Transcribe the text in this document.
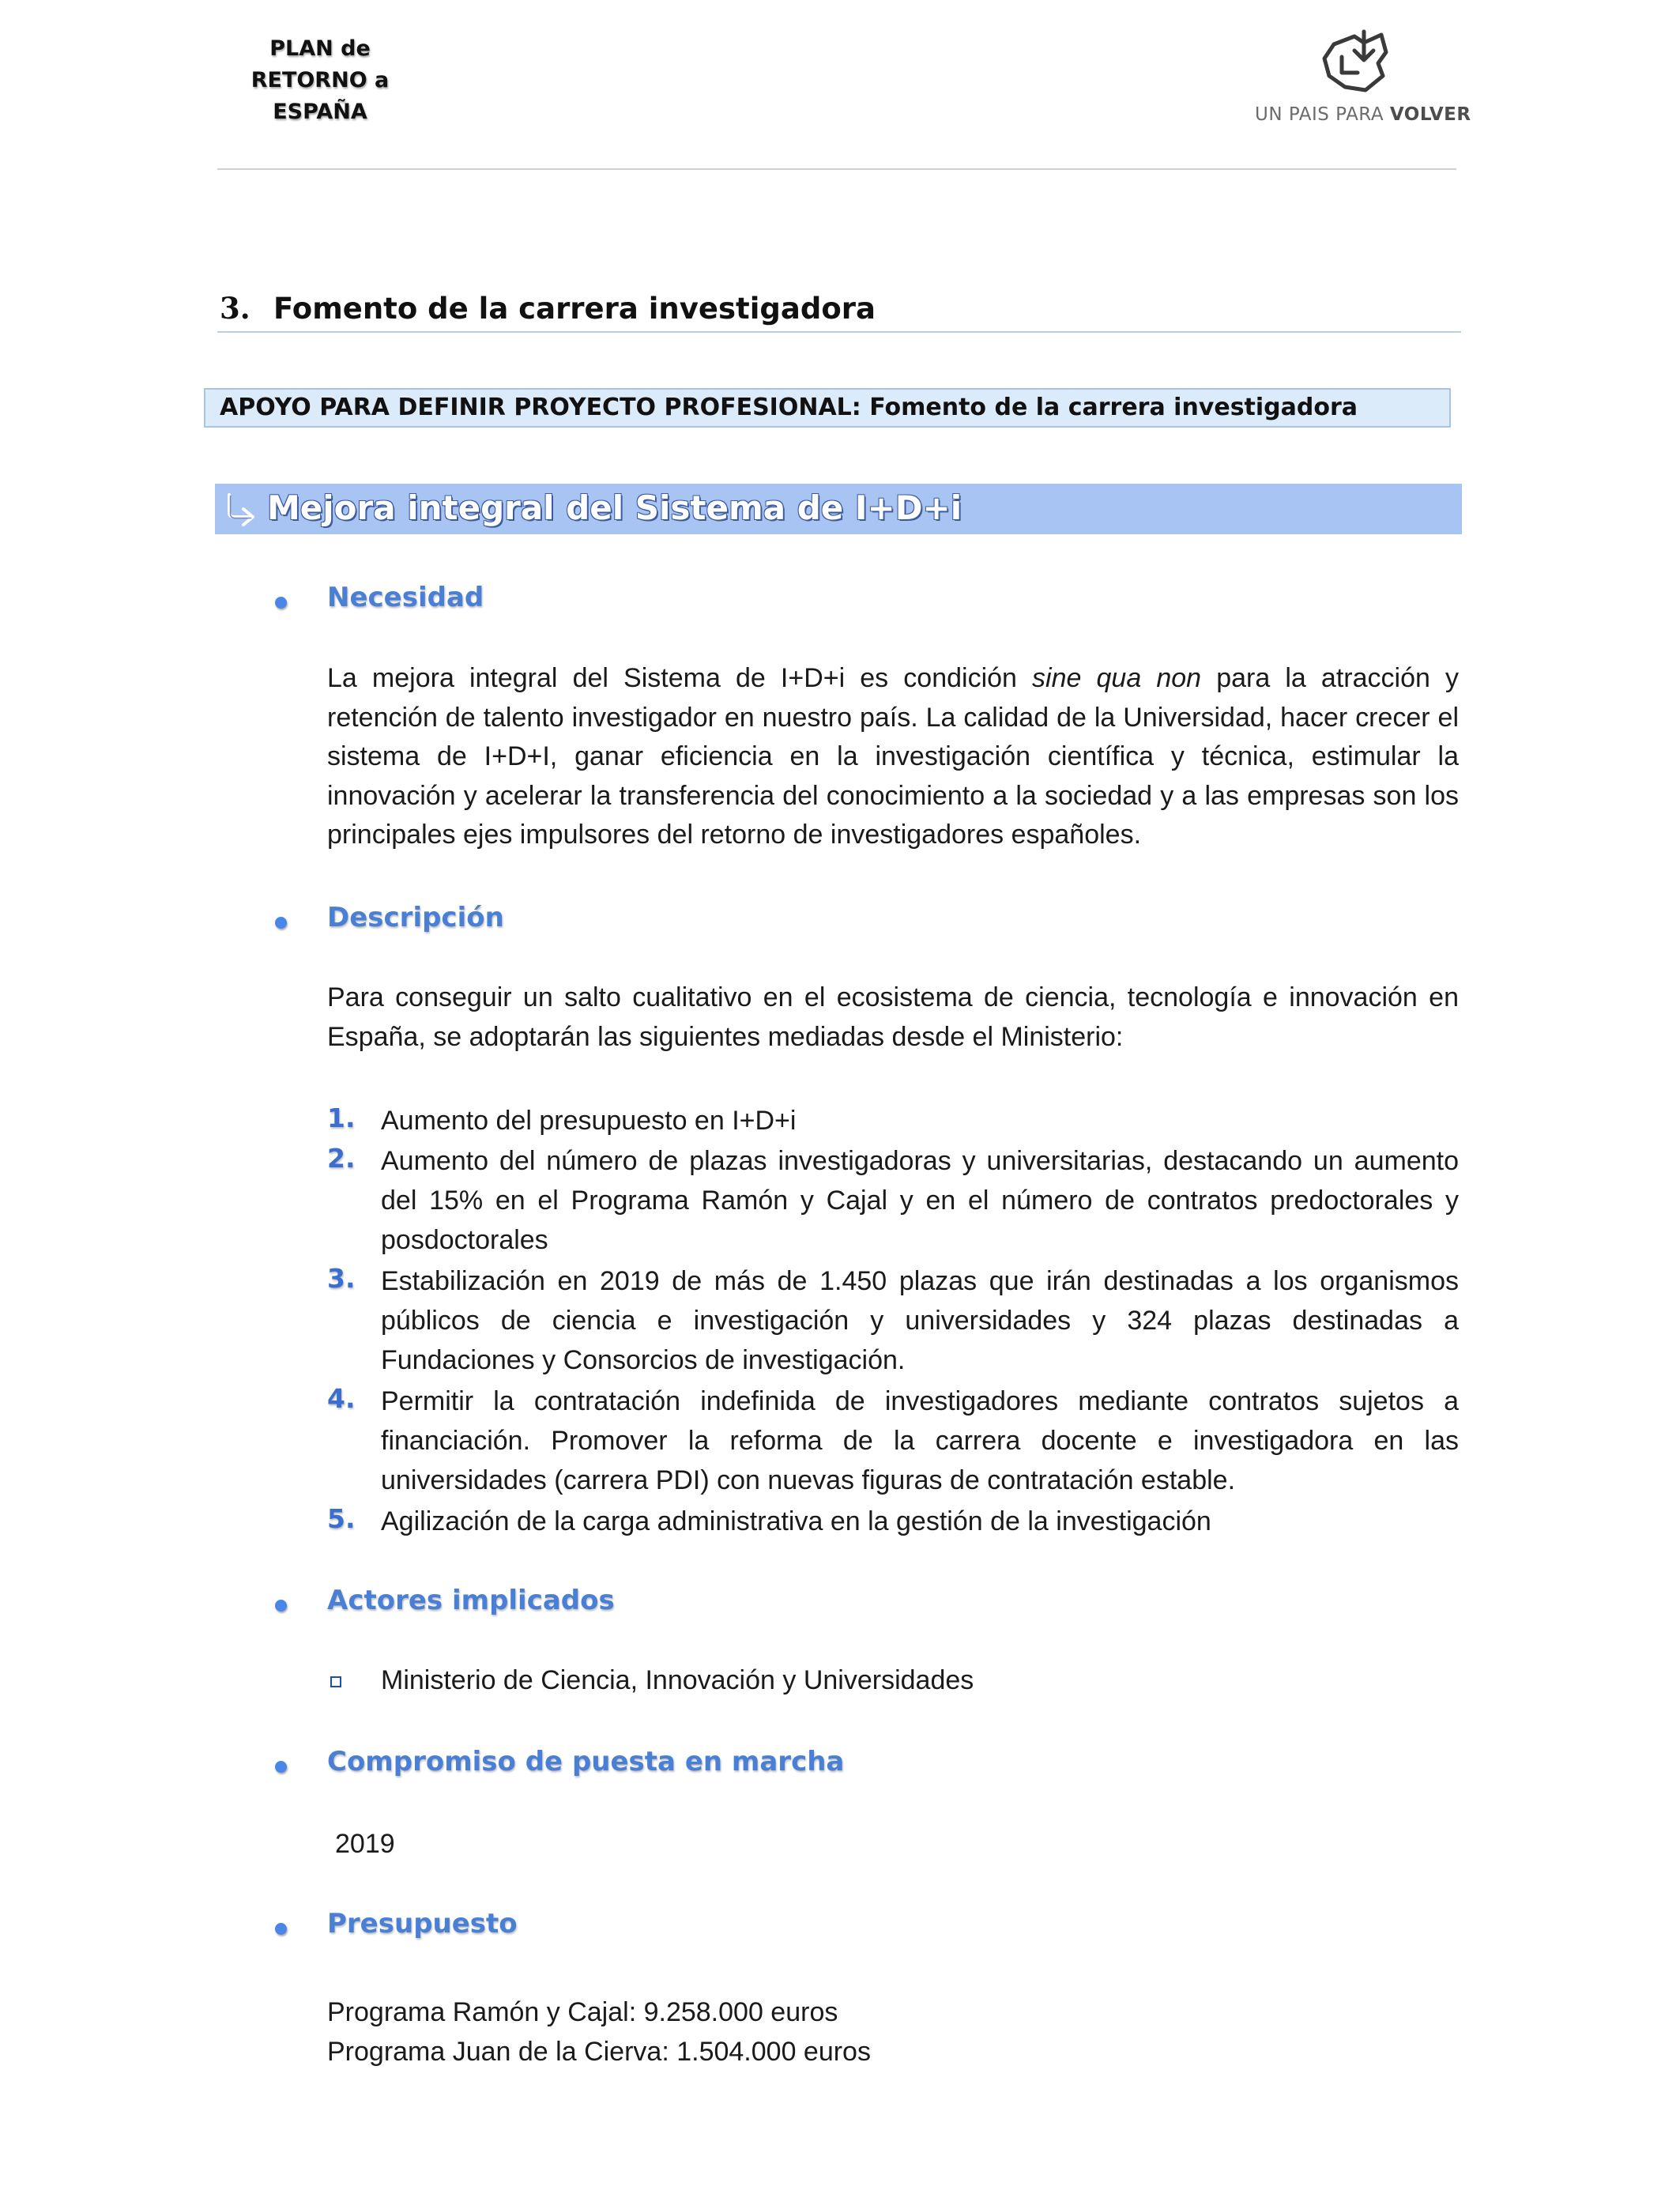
PLAN de
RETORNO a
ESPAÑA	UN PAIS PARA VOLVER
3. Fomento de la carrera investigadora
APOYO PARA DEFINIR PROYECTO PROFESIONAL: Fomento de la carrera investigadora
Mejora integral del Sistema de I+D+i
Necesidad
La mejora integral del Sistema de I+D+i es condición sine qua non para la atracción y retención de talento investigador en nuestro país. La calidad de la Universidad, hacer crecer el sistema de I+D+I, ganar eficiencia en la investigación científica y técnica, estimular la innovación y acelerar la transferencia del conocimiento a la sociedad y a las empresas son los principales ejes impulsores del retorno de investigadores españoles.
Descripción
Para conseguir un salto cualitativo en el ecosistema de ciencia, tecnología e innovación en España, se adoptarán las siguientes mediadas desde el Ministerio:
1. Aumento del presupuesto en I+D+i
2. Aumento del número de plazas investigadoras y universitarias, destacando un aumento del 15% en el Programa Ramón y Cajal y en el número de contratos predoctorales y posdoctorales
3. Estabilización en 2019 de más de 1.450 plazas que irán destinadas a los organismos públicos de ciencia e investigación y universidades y 324 plazas destinadas a Fundaciones y Consorcios de investigación.
4. Permitir la contratación indefinida de investigadores mediante contratos sujetos a financiación. Promover la reforma de la carrera docente e investigadora en las universidades (carrera PDI) con nuevas figuras de contratación estable.
5. Agilización de la carga administrativa en la gestión de la investigación
Actores implicados
Ministerio de Ciencia, Innovación y Universidades
Compromiso de puesta en marcha
2019
Presupuesto
Programa Ramón y Cajal: 9.258.000 euros
Programa Juan de la Cierva: 1.504.000 euros
